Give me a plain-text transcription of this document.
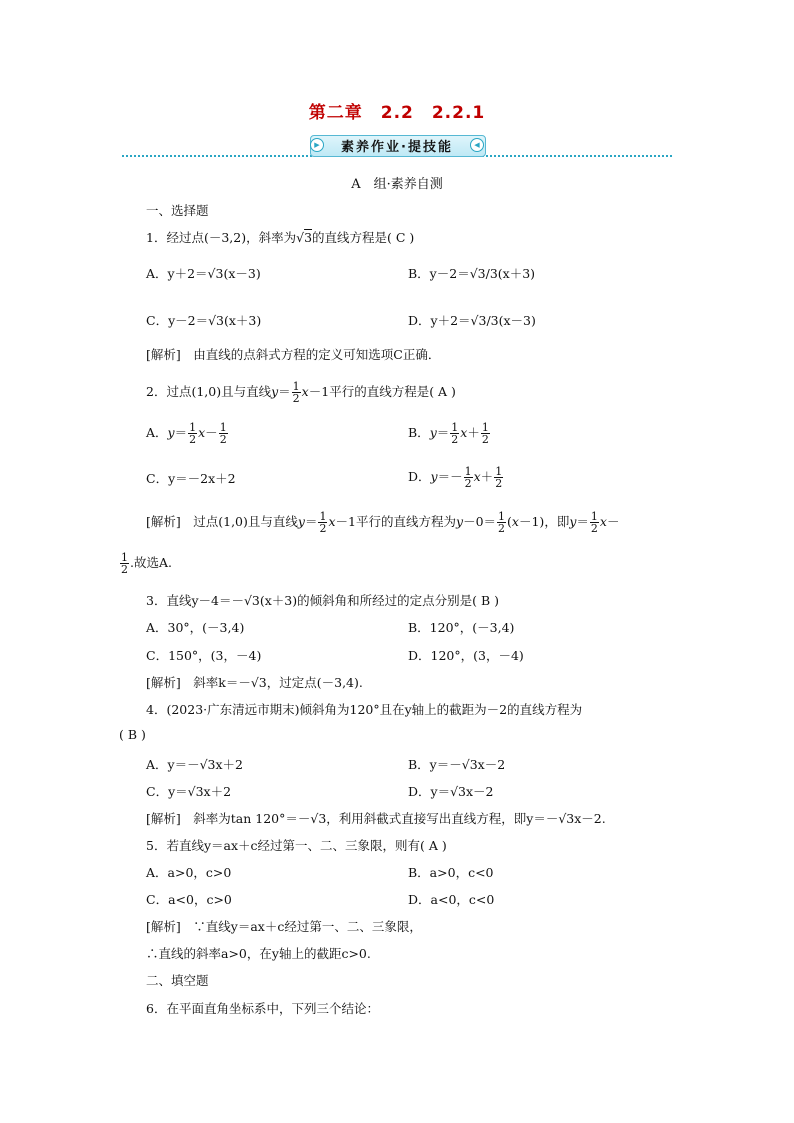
第二章　2.2　2.2.1
▶	◀
素养作业·提技能
A　组·素养自测
一、选择题
1．经过点(－3,2)，斜率为√3的直线方程是( C )
A．y＋2＝√3(x－3)	B．y－2＝√3/3(x＋3)
C．y－2＝√3(x＋3)	D．y＋2＝√3/3(x－3)
[解析]　由直线的点斜式方程的定义可知选项C正确．
2．过点(1,0)且与直线$y= \frac{1}{2} x-1$平行的直线方程是( A )
A．$y= \frac{1}{2} x- \frac{1}{2}$	B．$y= \frac{1}{2} x+ \frac{1}{2}$
C．y＝－2x＋2	D．$y=- \frac{1}{2} x+ \frac{1}{2}$
[解析]　过点(1,0)且与直线$y= \frac{1}{2} x-1$平行的直线方程为$y-0= \frac{1}{2} (x-1)$，即$y= \frac{1}{2} x-$
$\frac{1}{2}$ .故选A.
3．直线y－4＝－√3(x＋3)的倾斜角和所经过的定点分别是( B )
A．30°，(－3,4)	B．120°，(－3,4)
C．150°，(3，－4)	D．120°，(3，－4)
[解析]　斜率k＝－√3，过定点(－3,4).
4．(2023·广东清远市期末)倾斜角为120°且在y轴上的截距为－2的直线方程为
( B )
A．y＝－√3x＋2	B．y＝－√3x－2
C．y＝√3x＋2	D．y＝√3x－2
[解析]　斜率为tan 120°＝－√3，利用斜截式直接写出直线方程，即y＝－√3x－2.
5．若直线y＝ax＋c经过第一、二、三象限，则有( A )
A．a>0，c>0	B．a>0，c<0
C．a<0，c>0	D．a<0，c<0
[解析]　∵直线y＝ax＋c经过第一、二、三象限，
∴直线的斜率a>0，在y轴上的截距c>0.
二、填空题
6．在平面直角坐标系中，下列三个结论：
